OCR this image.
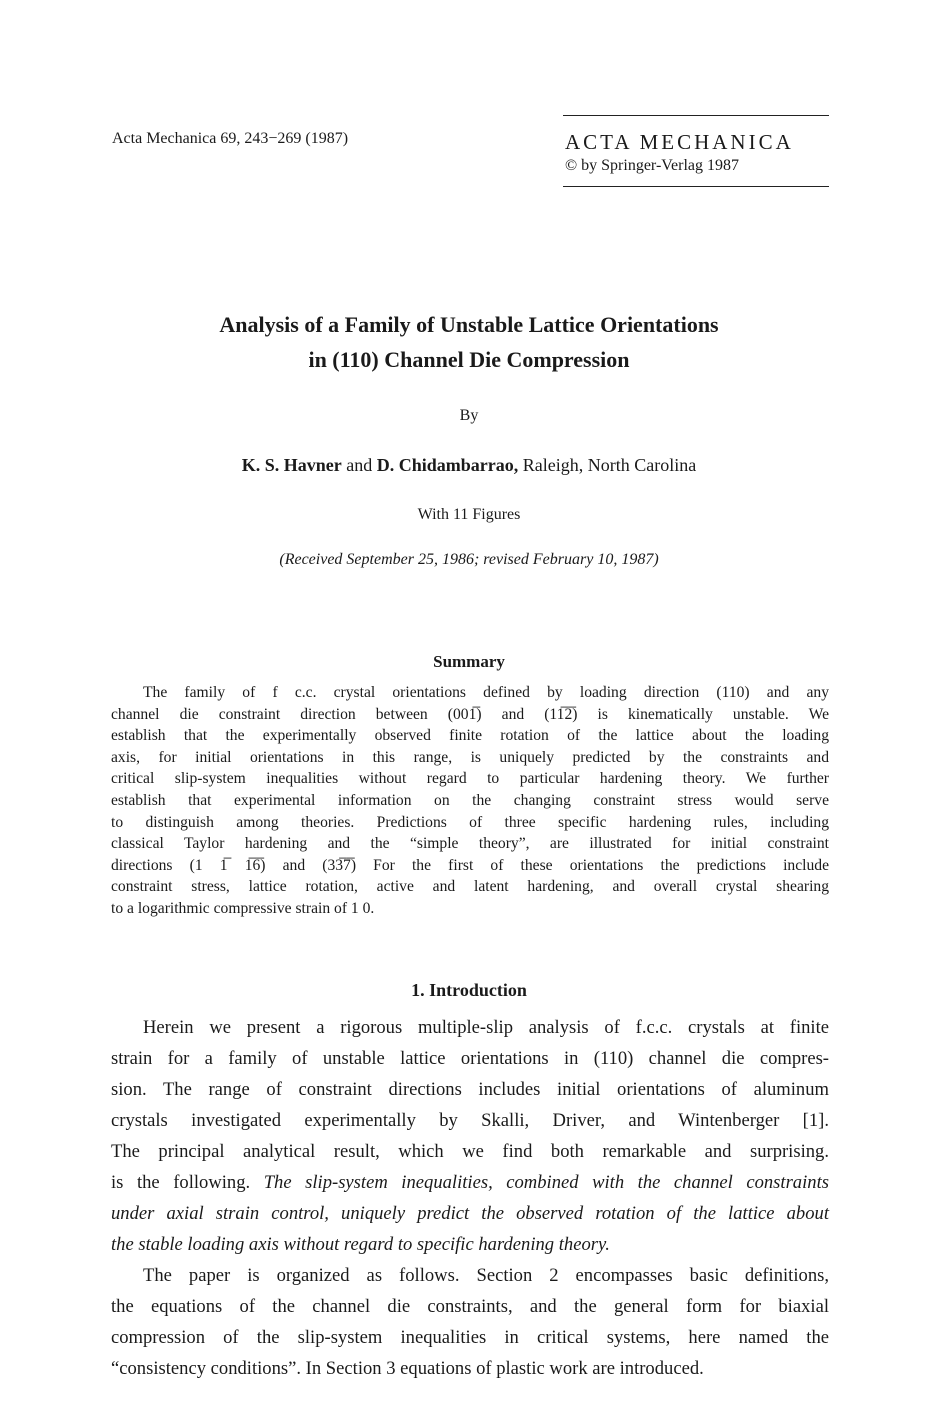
Acta Mechanica 69, 243−269 (1987)	ACTA MECHANICA
© by Springer-Verlag 1987
Analysis of a Family of Unstable Lattice Orientations
in (110) Channel Die Compression
By
K. S. Havner and D. Chidambarrao, Raleigh, North Carolina
With 11 Figures
(Received September 25, 1986; revised February 10, 1987)
Summary
The family of f c.c. crystal orientations defined by loading direction (110) and any
channel die constraint direction between (001̅) and (11̅2̅) is kinematically unstable. We
establish that the experimentally observed finite rotation of the lattice about the loading
axis, for initial orientations in this range, is uniquely predicted by the constraints and
critical slip-system inequalities without regard to particular hardening theory. We further
establish that experimental information on the changing constraint stress would serve
to distinguish among theories. Predictions of three specific hardening rules, including
classical Taylor hardening and the “simple theory”, are illustrated for initial constraint
directions (1 1̅ 1̅6̅) and (33̅7̅) For the first of these orientations the predictions include
constraint stress, lattice rotation, active and latent hardening, and overall crystal shearing
to a logarithmic compressive strain of 1 0.
1. Introduction
Herein we present a rigorous multiple-slip analysis of f.c.c. crystals at finite
strain for a family of unstable lattice orientations in (110) channel die compres-
sion. The range of constraint directions includes initial orientations of aluminum
crystals investigated experimentally by Skalli, Driver, and Wintenberger [1].
The principal analytical result, which we find both remarkable and surprising.
is the following. The slip-system inequalities, combined with the channel constraints
under axial strain control, uniquely predict the observed rotation of the lattice about
the stable loading axis without regard to specific hardening theory.
The paper is organized as follows. Section 2 encompasses basic definitions,
the equations of the channel die constraints, and the general form for biaxial
compression of the slip-system inequalities in critical systems, here named the
“consistency conditions”. In Section 3 equations of plastic work are introduced.
